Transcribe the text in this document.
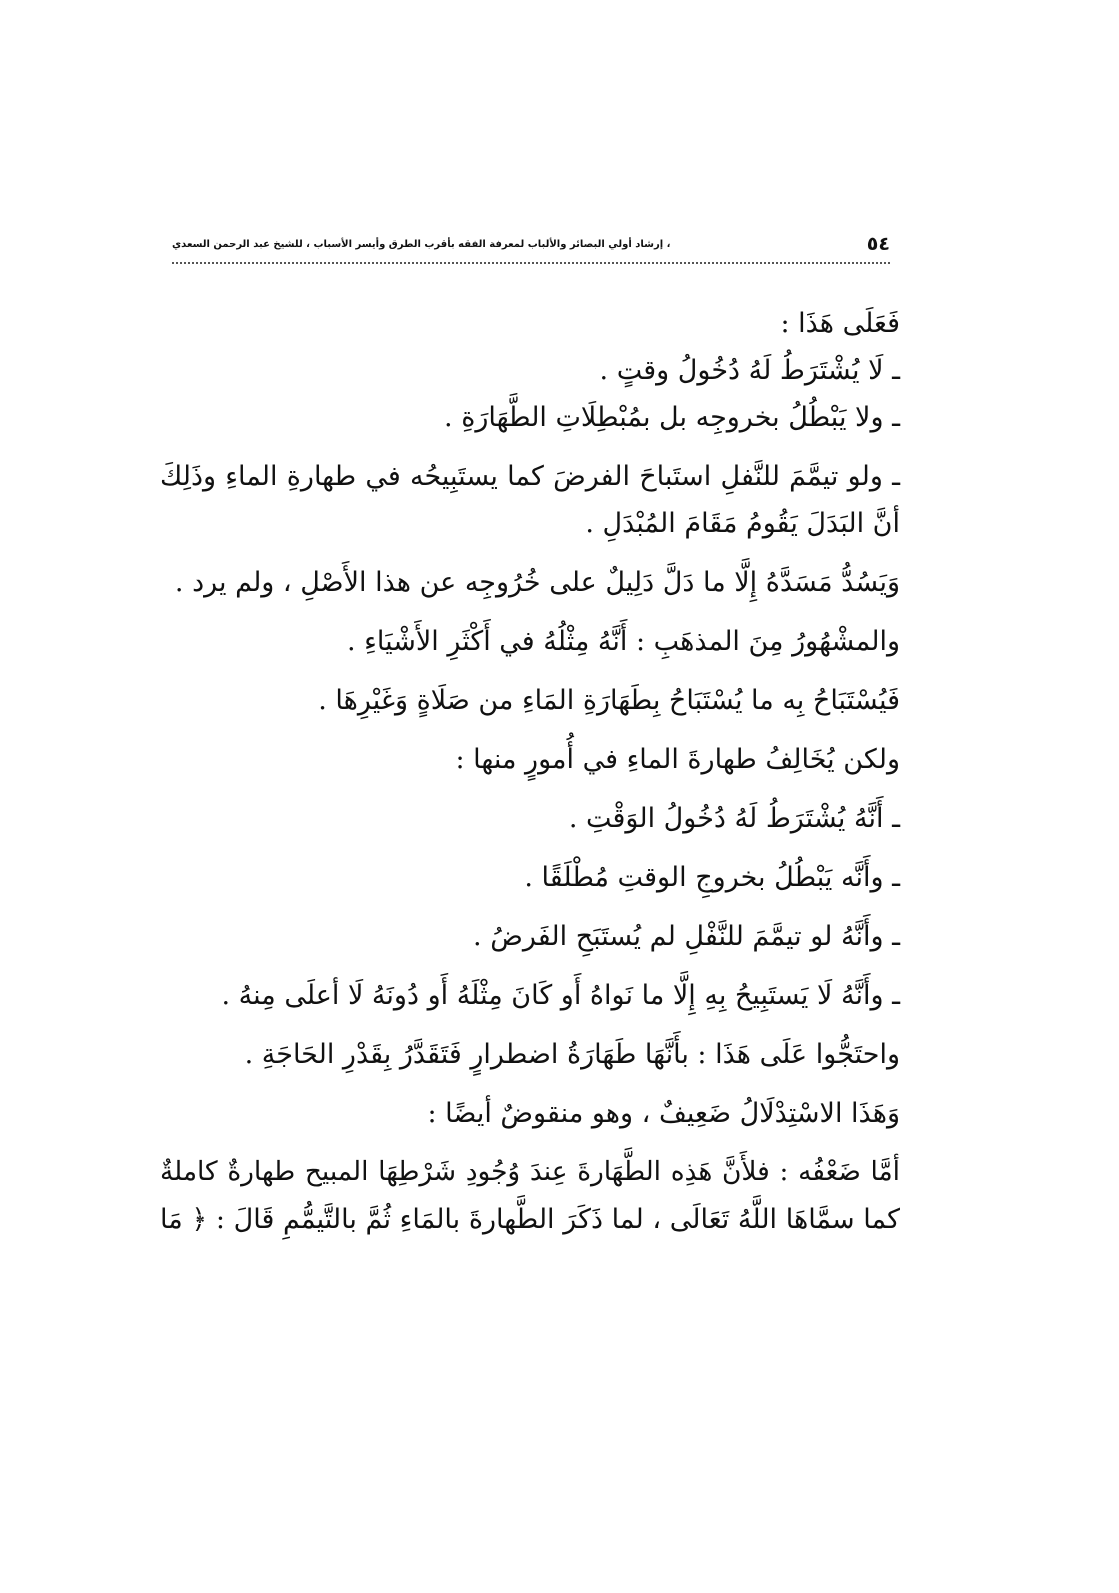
٥٤
، إرشاد أولي البصائر والألباب لمعرفة الفقه بأقرب الطرق وأيسر الأسباب ، للشيخ عبد الرحمن السعدي
فَعَلَى هَذَا :
ـ لَا يُشْتَرَطُ لَهُ دُخُولُ وقتٍ .
ـ ولا يَبْطُلُ بخروجِه بل بمُبْطِلَاتِ الطَّهَارَةِ .
ـ ولو تيمَّمَ للنَّفلِ استَباحَ الفرضَ كما يستَبِيحُه في طهارةِ الماءِ وذَلِكَ
أنَّ البَدَلَ يَقُومُ مَقَامَ المُبْدَلِ .
وَيَسُدُّ مَسَدَّهُ إِلَّا ما دَلَّ دَلِيلٌ على خُرُوجِه عن هذا الأَصْلِ ، ولم يرد .
والمشْهُورُ مِنَ المذهَبِ : أَنَّهُ مِثْلُهُ في أَكْثَرِ الأَشْيَاءِ .
فَيُسْتَبَاحُ بِه ما يُسْتَبَاحُ بِطَهَارَةِ المَاءِ من صَلَاةٍ وَغَيْرِهَا .
ولكن يُخَالِفُ طهارةَ الماءِ في أُمورٍ منها :
ـ أَنَّهُ يُشْتَرَطُ لَهُ دُخُولُ الوَقْتِ .
ـ وأَنَّه يَبْطُلُ بخروجِ الوقتِ مُطْلَقًا .
ـ وأَنَّهُ لو تيمَّمَ للنَّفْلِ لم يُستَبَحِ الفَرضُ .
ـ وأَنَّهُ لَا يَستَبِيحُ بِهِ إِلَّا ما نَواهُ أَو كَانَ مِثْلَهُ أَو دُونَهُ لَا أعلَى مِنهُ .
واحتَجُّوا عَلَى هَذَا : بأَنَّهَا طَهَارَةُ اضطرارٍ فَتَقَدَّرُ بِقَدْرِ الحَاجَةِ .
وَهَذَا الاسْتِدْلَالُ ضَعِيفٌ ، وهو منقوضٌ أيضًا :
أمَّا ضَعْفُه : فلأَنَّ هَذِه الطَّهَارةَ عِندَ وُجُودِ شَرْطِهَا المبيح طهارةٌ كاملةٌ
كما سمَّاهَا اللَّهُ تَعَالَى ، لما ذَكَرَ الطَّهارةَ بالمَاءِ ثُمَّ بالتَّيمُّمِ قَالَ : ﴿ مَا
